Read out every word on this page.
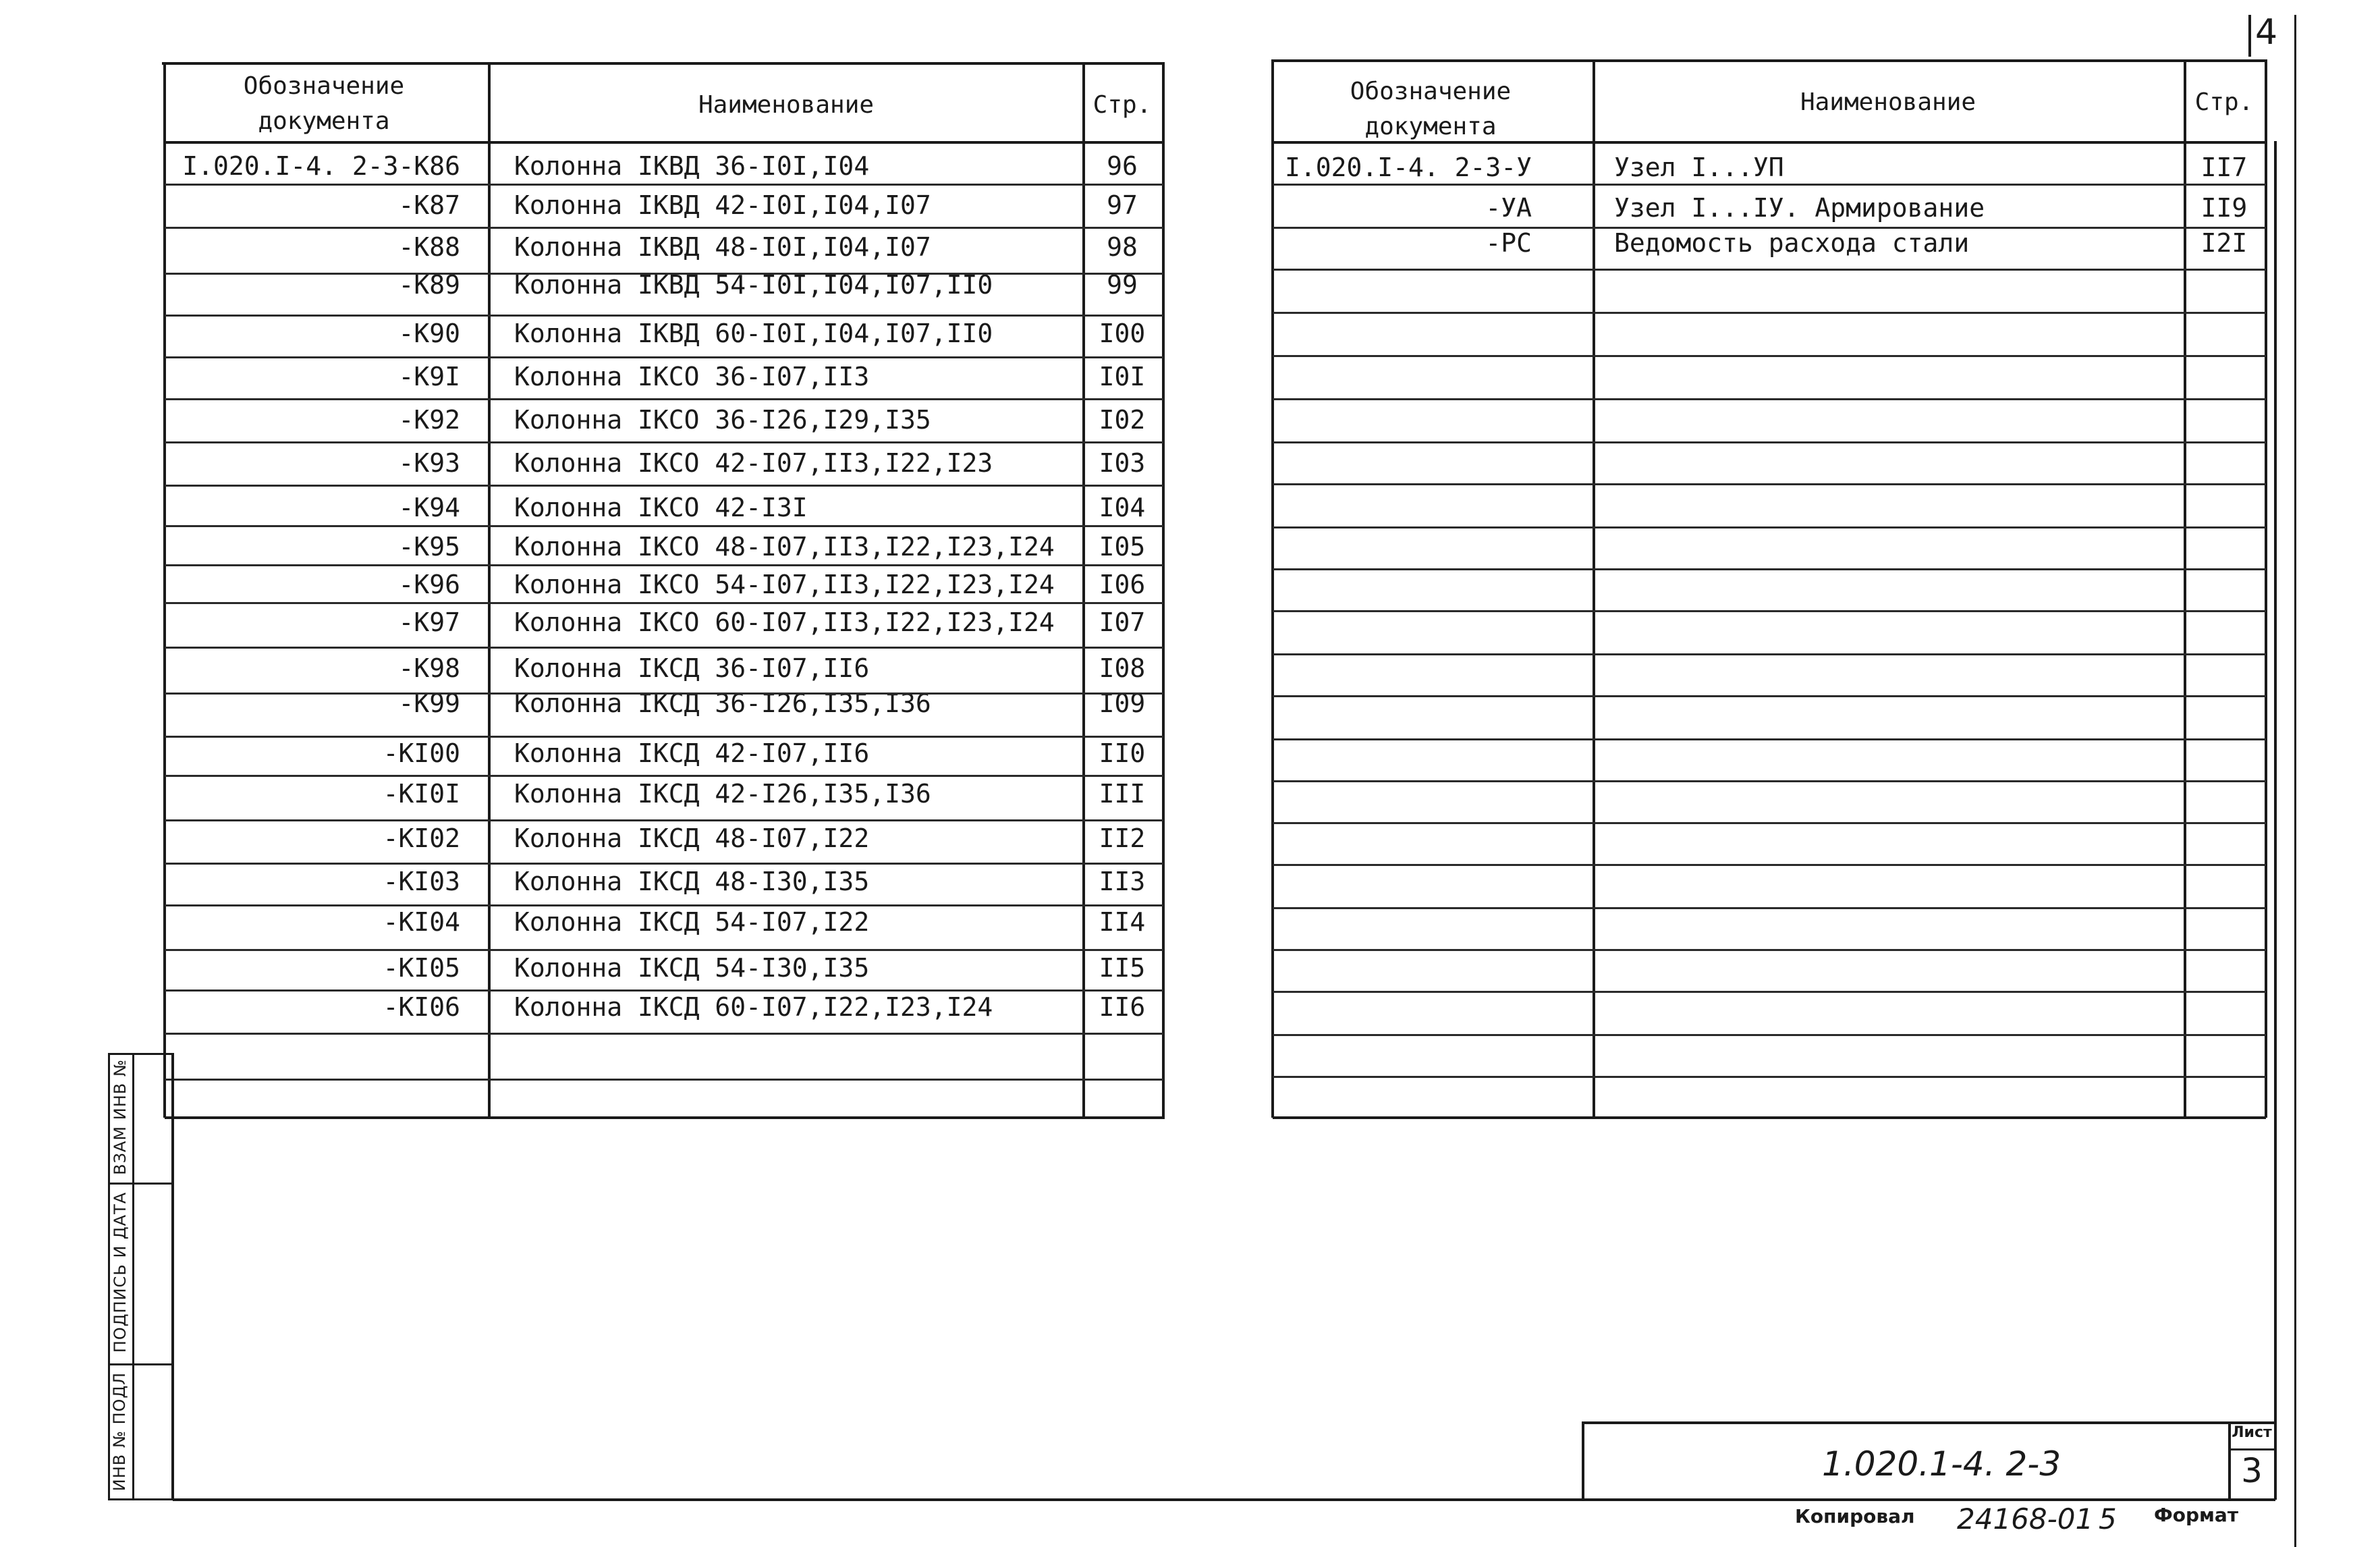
4
Обозначение документа
Наименование	Стр.
I.020.I-4. 2-3-К86 Колонна IКВД 36-I0I,I04	96
-К87 Колонна IКВД 42-I0I,I04,I07	97
-К88 Колонна IКВД 48-I0I,I04,I07	98
-К89 Колонна IКВД 54-I0I,I04,I07,II0	99
-К90 Колонна IКВД 60-I0I,I04,I07,II0	I00
-К9I Колонна IКСО 36-I07,II3	I0I
-К92 Колонна IКСО 36-I26,I29,I35	I02
-К93 Колонна IКСО 42-I07,II3,I22,I23	I03
-К94 Колонна IКСО 42-I3I	I04
-К95 Колонна IКСО 48-I07,II3,I22,I23,I24	I05
-К96 Колонна IКСО 54-I07,II3,I22,I23,I24	I06
-К97 Колонна IКСО 60-I07,II3,I22,I23,I24	I07
-К98 Колонна IКСД 36-I07,II6	I08
-К99 Колонна IКСД 36-I26,I35,I36	I09
-КI00 Колонна IКСД 42-I07,II6	II0
-КI0I Колонна IКСД 42-I26,I35,I36	III
-КI02 Колонна IКСД 48-I07,I22	II2
-КI03 Колонна IКСД 48-I30,I35	II3
-КI04 Колонна IКСД 54-I07,I22	II4
-КI05 Колонна IКСД 54-I30,I35	II5
-КI06 Колонна IКСД 60-I07,I22,I23,I24	II6
Обозначение документа
Наименование	Стр.
I.020.I-4. 2-3-У	Узел I...УП	II7
-УА	Узел I...IУ. Армирование	II9
-РС	Ведомость расхода стали	I2I
ВЗАМ ИНВ №
ПОДПИСЬ И ДАТА
ИНВ № ПОДЛ	1.020.1-4. 2-3
Лист
3
Копировал 24168-01 5 Формат
